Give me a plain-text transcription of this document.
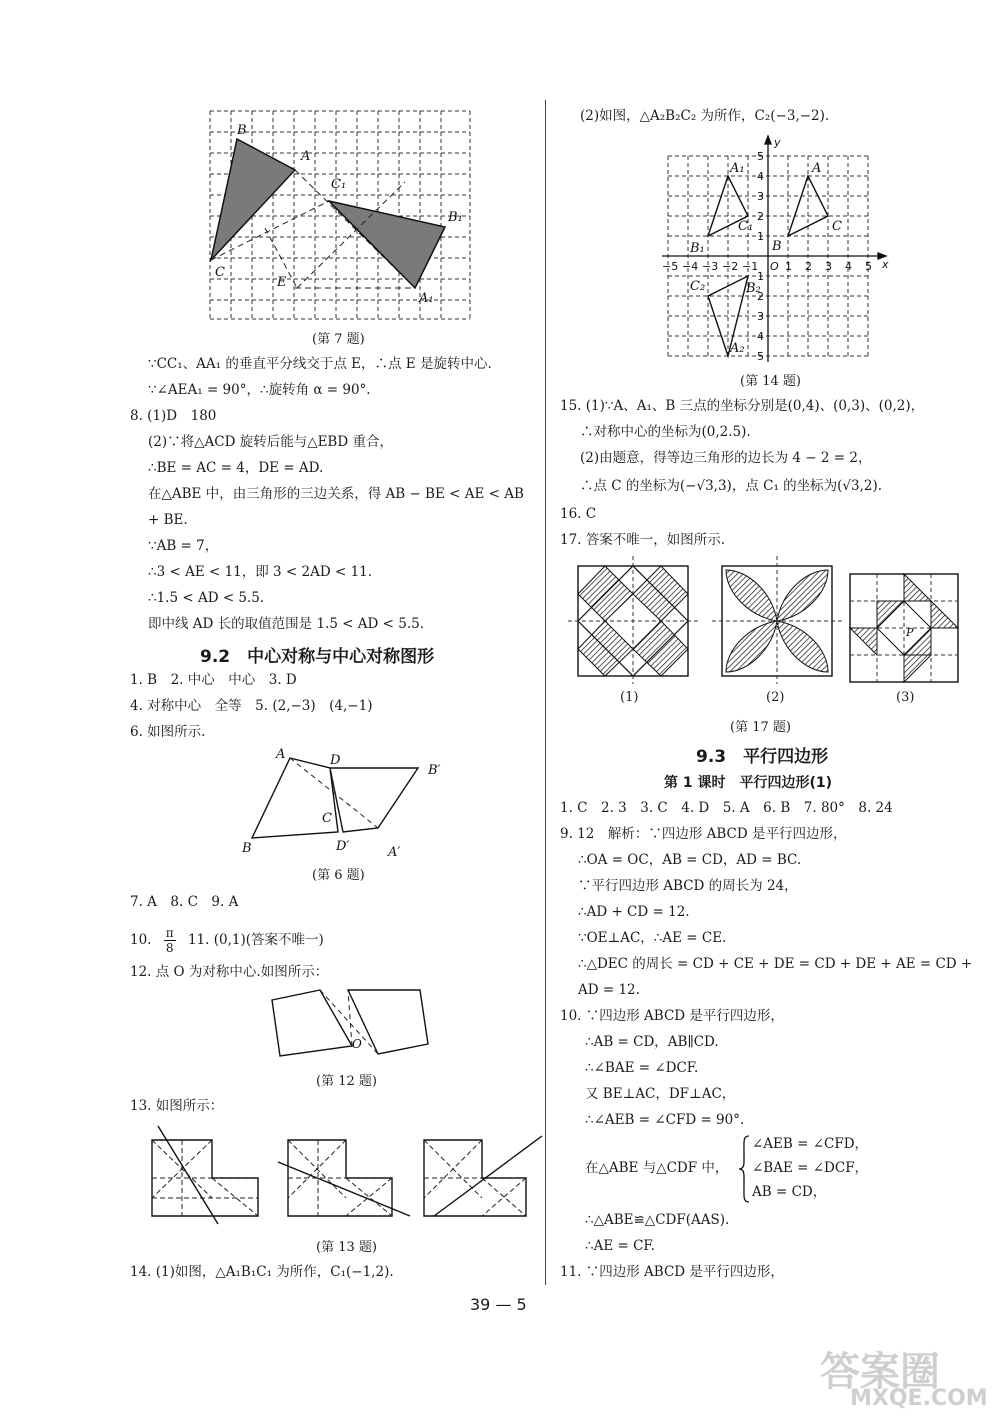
B
A
C
C₁
B₁
A₁
E
(第 7 题)
∵CC₁、AA₁ 的垂直平分线交于点 E，∴点 E 是旋转中心.
∵∠AEA₁ = 90°，∴旋转角 α = 90°.
8. (1)D　180
(2)∵将△ACD 旋转后能与△EBD 重合，
∴BE = AC = 4，DE = AD.
在△ABE 中，由三角形的三边关系，得 AB − BE < AE < AB
+ BE.
∵AB = 7，
∴3 < AE < 11，即 3 < 2AD < 11.
∴1.5 < AD < 5.5.
即中线 AD 长的取值范围是 1.5 < AD < 5.5.
9.2　中心对称与中心对称图形
1. B　2. 中心　中心　3. D
4. 对称中心　全等　5. (2,−3)　(4,−1)
6. 如图所示.
A	D
B′
C
B	D′	A′
(第 6 题)
7. A　8. C　9. A
10. $\frac{\pi}{8} 11$. (0,1)(答案不唯一)
12. 点 O 为对称中心.如图所示：
O
(第 12 题)
13. 如图所示：
(第 13 题)
14. (1)如图，△A₁B₁C₁ 为所作，C₁(−1,2).
(2)如图，△A₂B₂C₂ 为所作，C₂(−3,−2).
y
x
O
−5 −4 −3 −2 −1 1 2 3 4 5
5
4
3
2
1
1
2
3
4
5
A₁
C₁
B₁
A
C
B
C₂	B₂
A₂
(第 14 题)
15. (1)∵A、A₁、B 三点的坐标分别是(0,4)、(0,3)、(0,2)，
∴对称中心的坐标为(0,2.5).
(2)由题意，得等边三角形的边长为 4 − 2 = 2，
∴点 C 的坐标为(−√3,3)，点 C₁ 的坐标为(√3,2).
16. C
17. 答案不唯一，如图所示.
P
(1)	(2)	(3)
(第 17 题)
9.3　平行四边形
第 1 课时　平行四边形(1)
1. C　2. 3　3. C　4. D　5. A　6. B　7. 80°　8. 24
9. 12　解析：∵四边形 ABCD 是平行四边形，
∴OA = OC，AB = CD，AD = BC.
∵平行四边形 ABCD 的周长为 24，
∴AD + CD = 12.
∵OE⊥AC，∴AE = CE.
∴△DEC 的周长 = CD + CE + DE = CD + DE + AE = CD +
AD = 12.
10. ∵四边形 ABCD 是平行四边形，
∴AB = CD，AB∥CD.
∴∠BAE = ∠DCF.
又 BE⊥AC，DF⊥AC，
∴∠AEB = ∠CFD = 90°.
在△ABE 与△CDF 中，
∠AEB = ∠CFD，
∠BAE = ∠DCF，
AB = CD，
∴△ABE≌△CDF(AAS).
∴AE = CF.
11. ∵四边形 ABCD 是平行四边形，
39 — 5
答案圈
MXQE.COM
